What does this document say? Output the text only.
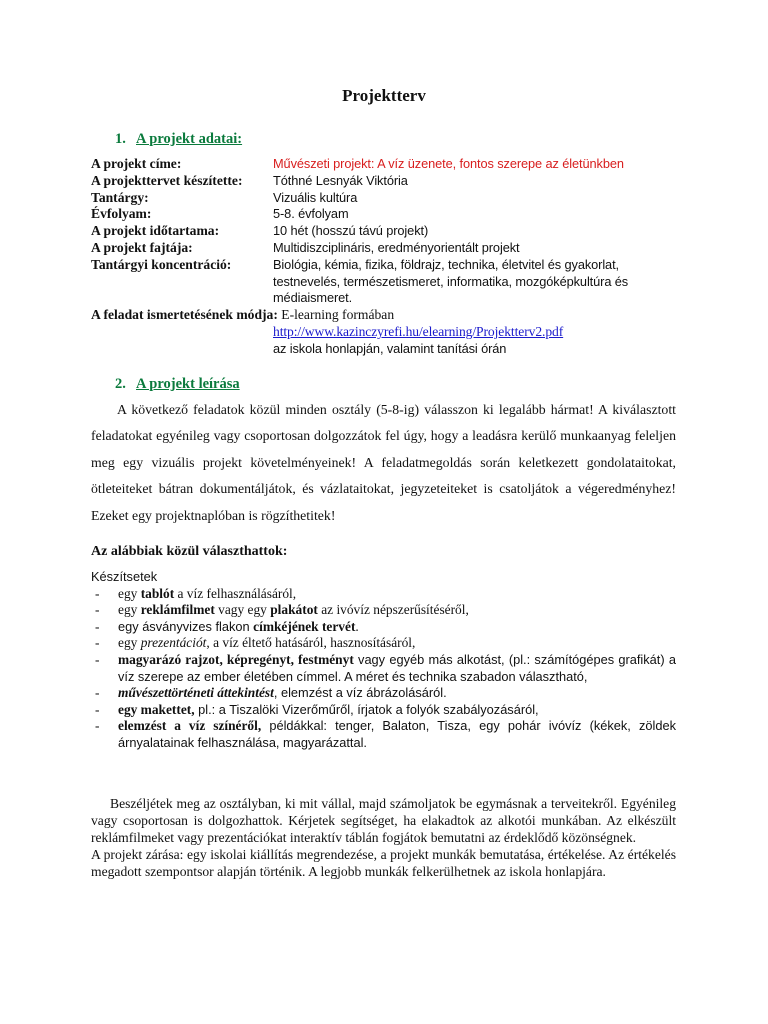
Projektterv
1. A projekt adatai:
A projekt címe:	Művészeti projekt: A víz üzenete, fontos szerepe az életünkben
A projekttervet készítette:	Tóthné Lesnyák Viktória
Tantárgy:	Vizuális kultúra
Évfolyam:	5-8. évfolyam
A projekt időtartama:	10 hét (hosszú távú projekt)
A projekt fajtája:	Multidiszciplináris, eredményorientált projekt
Tantárgyi koncentráció:	Biológia, kémia, fizika, földrajz, technika, életvitel és gyakorlat,
testnevelés, természetismeret, informatika, mozgóképkultúra és
médiaismeret.
A feladat ismertetésének módja:
E-learning formában
http://www.kazinczyrefi.hu/elearning/Projektterv2.pdf
az iskola honlapján, valamint tanítási órán
2. A projekt leírása

A következő feladatok közül minden osztály (5-8-ig) válasszon ki legalább hármat! A kiválasztott feladatokat egyénileg vagy csoportosan dolgozzátok fel úgy, hogy a leadásra kerülő munkaanyag feleljen meg egy vizuális projekt követelményeinek! A feladatmegoldás során keletkezett gondolataitokat, ötleteiteket bátran dokumentáljátok, és vázlataitokat, jegyzeteiteket is csatoljátok a végeredményhez! Ezeket egy projektnaplóban is rögzíthetitek!

Az alábbiak közül választhattok:

Készítsetek
- egy tablót a víz felhasználásáról,
- egy reklámfilmet vagy egy plakátot az ivóvíz népszerűsítéséről,
- egy ásványvizes flakon címkéjének tervét.
- egy prezentációt, a víz éltető hatásáról, hasznosításáról,
- magyarázó rajzot, képregényt, festményt vagy egyéb más alkotást, (pl.: számítógépes grafikát) a víz szerepe az ember életében címmel. A méret és technika szabadon választható,
- művészettörténeti áttekintést, elemzést a víz ábrázolásáról.
- egy makettet, pl.: a Tiszalöki Vizerőműről, írjatok a folyók szabályozásáról,
- elemzést a víz színéről, példákkal: tenger, Balaton, Tisza, egy pohár ivóvíz (kékek, zöldek árnyalatainak felhasználása, magyarázattal.

Beszéljétek meg az osztályban, ki mit vállal, majd számoljatok be egymásnak a terveitekről. Egyénileg vagy csoportosan is dolgozhattok. Kérjetek segítséget, ha elakadtok az alkotói munkában. Az elkészült reklámfilmeket vagy prezentációkat interaktív táblán fogjátok bemutatni az érdeklődő közönségnek.

A projekt zárása: egy iskolai kiállítás megrendezése, a projekt munkák bemutatása, értékelése. Az értékelés megadott szempontsor alapján történik. A legjobb munkák felkerülhetnek az iskola honlapjára.
